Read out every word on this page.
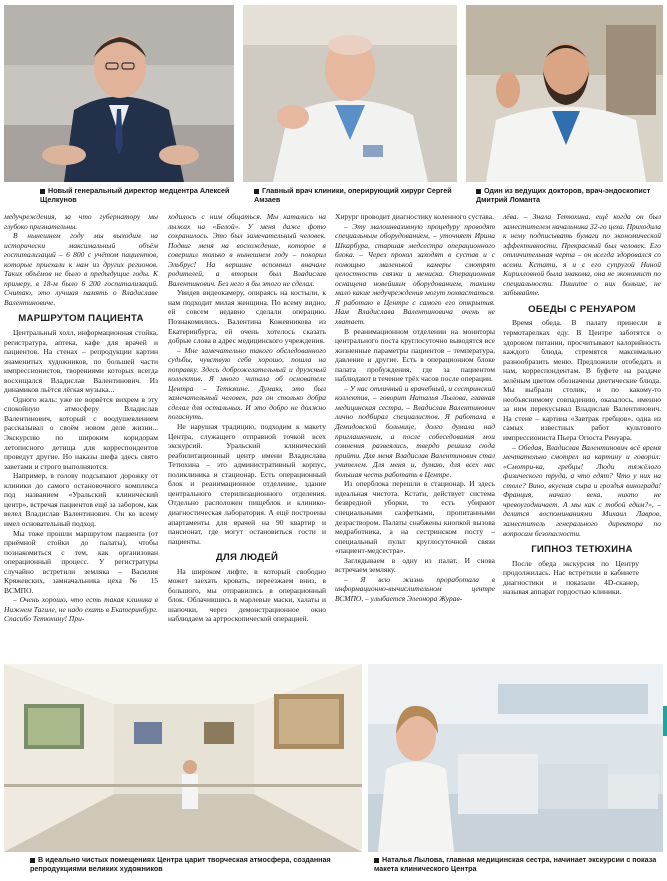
Новый генеральный директор медцентра Алексей Щелкунов
Главный врач клиники, оперирующий хирург Сергей Амзаев
Один из ведущих докторов, врач-эндоскопист Дмитрий Ломанта

медучреждения, за что губернатору мы глубоко признательны.

В нынешнем году мы выходим на исторически максимальный объём госпитализаций – 6 800 с учётом пациентов, которые приехали к нам из других регионов. Таких объёмов не было в предыдущие годы. К примеру, в 18-м было 6 200 госпитализаций. Считаю, это лучшая память о Владиславе Валентиновиче.

МАРШРУТОМ ПАЦИЕНТА

Центральный холл, информационная стойка, регистратура, аптека, кафе для врачей и пациентов. На стенах – репродукции картин знаменитых художников, по большей части импрессионистов, творениями которых всегда восхищался Владислав Валентинович. Из динамиков льётся лёгкая музыка...

Одного жаль: уже не ворвётся вихрем в эту спокойную атмосферу Владислав Валентинович, который с воодушевлением рассказывал о своём новом деле жизни... Экскурсию по широким коридорам летописного детища для корреспондентов проведут другие. Но наказы шефа здесь свято заветами и строго выполняются.

Например, в голову подсыпают дорожку от клиники до самого остановочного комплекса под названием «Уральский клинический центр», встречая пациентов ещё за забором, как велел Владислав Валентинович. Он ко всему имел основательный подход.

Мы тоже прошли маршрутом пациента (от приёмной стойки до палаты), чтобы познакомиться с тем, как организован операционный процесс. У регистратуры случайно встретили земляка – Василия Кряжевских, замначальника цеха № 15 ВСМПО.

– Очень хорошо, что есть такая клиника в Нижнем Тагиле, не надо ехать в Екатеринбург. Спасибо Тетюхину! При-

ходилось с ним общаться. Мы катались на лыжах на «Белой». У меня даже фото сохранилось. Это был замечательный человек. Подвиг меня на восхождение, которое я совершил только в нынешнем году – покорил Эльбрус! На вершине вспомнил вначале родителей, а вторым был Владислав Валентинович. Без него я бы этого не сделал.

Увидев видеокамеру, опираясь на костыли, к нам подходит милая женщина. По всему видно, ей совсем недавно сделали операцию. Познакомились. Валентина Кожевникова из Екатеринбурга, ей очень хотелось сказать добрые слова в адрес медицинского учреждения.

– Мне замечательно такого обследованного судьбы, чувствую себя хорошо, пошла на поправку. Здесь доброжелательный и дружный коллектив. Я много читала об основателе Центра – Тетюхине. Думаю, это был замечательный человек, раз он столько добра сделал для остальных. И это добро не должно погаснуть.

Не нарушая традицию, подходим к макету Центра, служащего отправной точкой всех экскурсий. Уральский клинический реабилитационный центр имени Владислава Тетюхина – это административный корпус, поликлиника и стационар. Есть операционный блок и реанимационное отделение, здание центрального стерилизационного отделения. Отдельно расположен пищеблок и клинико-диагностическая лаборатория. А ещё построены апартаменты для врачей на 90 квартир и пансионат, где могут остановиться гости и пациенты.

ДЛЯ ЛЮДЕЙ

На широком лифте, в который свободно может заехать кровать, переезжаем вниз, в большого, мы отправились в операционный блок. Облачившись в марлевые маски, халаты и шапочки, через демонстрационное окно наблюдаем за артроскопической операцией.

Хирург проводит диагностику коленного сустава.

– Эту малоинвазивную процедуру проводят специальным оборудованием, – уточняет Ирина Шкарбурa, старшая медсестра операционного блока. – Через прокол заходят в сустав и с помощью маленькой камеры смотрят целостность связки и мениска. Операционная оснащена новейшим оборудованием, такими мало какие медучреждения могут похвастаться. Я работаю в Центре с самого его открытия. Нам Владислава Валентиновича очень не хватает.

В реанимационном отделении на мониторы центрального поста круглосуточно выводятся все жизненные параметры пациентов – температура, давление и другие. Есть в операционном блоке палата пробуждения, где за пациентом наблюдают в течение трёх часов после операции.

– У нас отличный и врачебный, и сестринский коллектив, – говорит Наталья Лылова, главная медицинская сестра, – Владислав Валентинович лично подбирал специалистов. Я работала в Демидовской больнице, долго думала над приглашением, а после собеседования мои сомнения развеялись, твердо решила сюда прийти. Для меня Владислав Валентинович стал учителем. Для меня и, думаю, для всех нас большая честь работать в Центре.

Из оперблока перешли в стационар. И здесь идеальная чистота. Кстати, действует система безвредной уборки, то есть убирают специальными салфетками, пропитанными дезраствором. Палаты снабжены кнопкой вызова медработника, а на сестринском посту – специальный пульт круглосуточной связи «пациент-медсестра».

Заглядываем в одну из палат. И снова встречаем земляку.

– Я всю жизнь проработала в информационно-вычислительном центре ВСМПО, – улыбается Элеонора Журав-

лёва. – Знала Тетюхина, ещё когда он был заместителем начальника 32-го цеха. Приходила к нему подписывать бумаги по экономической эффективности. Прекрасный был человек. Его отличительная черта – он всегда здоровался со всеми. Кстати, я и с его супругой Ниной Кирилловной была знакома, она не экономист по специальности. Пишите о них больше, не забывайте.

ОБЕДЫ С РЕНУАРОМ

Время обеда. В палату принесли в термотарелках еду. В Центре заботятся о здоровом питании, просчитывают калорийность каждого блюда, стремятся максимально разнообразить меню. Предложили отобедать и нам, корреспондентам. В буфете на раздаче зелёным цветом обозначены диетические блюда. Мы выбрали столик, и по какому-то необъяснимому совпадению, оказалось, именно за ним перекусывал Владислав Валентинович. На стене – картина «Завтрак гребцов», одна из самых известных работ культового импрессиониста Пьера Огюста Ренуара.

– Обедая, Владислав Валентинович всё время мечтательно смотрел на картину и говорил: «Смотри-ка, гребцы! Люди тяжёлого физического труда, а что едят? Что у них на столе? Вино, вкусная сыра и гроздья винограда! Франция, начало века, никто не чревоугодничает. А мы как с тобой едим?», – делится воспоминаниями Михаил Лавров, заместитель генерального директора по вопросам безопасности.

ГИПНОЗ ТЕТЮХИНА

После обеда экскурсия по Центру продолжилась. Нас встретили в кабинете диагностики и показали 4D-сканер, называя аппарат гордостью клиники.

В идеально чистых помещениях Центра царит творческая атмосфера, созданная репродукциями великих художников
Наталья Лылова, главная медицинская сестра, начинает экскурсии с показа макета клинического Центра
